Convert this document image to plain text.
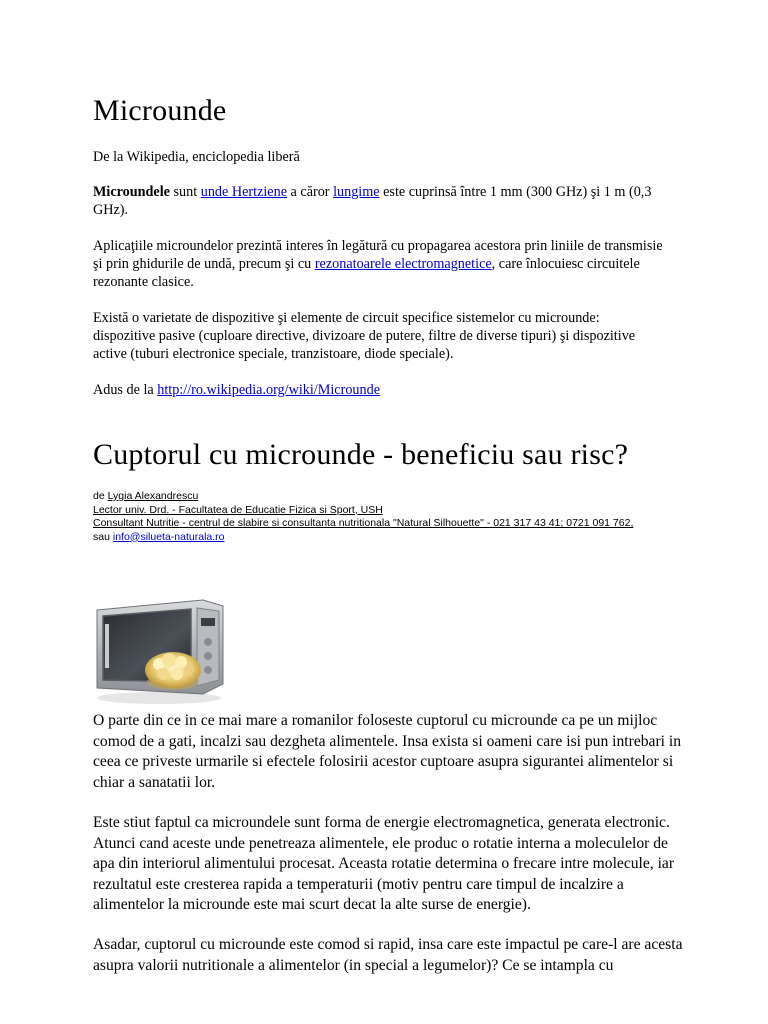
Microunde

De la Wikipedia, enciclopedia liberă

Microundele sunt unde Hertziene a căror lungime este cuprinsă între 1 mm (300 GHz) şi 1 m (0,3 GHz).

Aplicaţiile microundelor prezintă interes în legătură cu propagarea acestora prin liniile de transmisie şi prin ghidurile de undă, precum şi cu rezonatoarele electromagnetice, care înlocuiesc circuitele rezonante clasice.

Există o varietate de dispozitive şi elemente de circuit specifice sistemelor cu microunde: dispozitive pasive (cuploare directive, divizoare de putere, filtre de diverse tipuri) şi dispozitive active (tuburi electronice speciale, tranzistoare, diode speciale).

Adus de la http://ro.wikipedia.org/wiki/Microunde

Cuptorul cu microunde - beneficiu sau risc?
de Lygia Alexandrescu
Lector univ. Drd. - Facultatea de Educatie Fizica si Sport, USH
Consultant Nutritie - centrul de slabire si consultanta nutritionala "Natural Silhouette" - 021 317 43 41; 0721 091 762,
sau info@silueta-naturala.ro

O parte din ce in ce mai mare a romanilor foloseste cuptorul cu microunde ca pe un mijloc comod de a gati, incalzi sau dezgheta alimentele. Insa exista si oameni care isi pun intrebari in ceea ce priveste urmarile si efectele folosirii acestor cuptoare asupra sigurantei alimentelor si chiar a sanatatii lor.

Este stiut faptul ca microundele sunt forma de energie electromagnetica, generata electronic. Atunci cand aceste unde penetreaza alimentele, ele produc o rotatie interna a moleculelor de apa din interiorul alimentului procesat. Aceasta rotatie determina o frecare intre molecule, iar rezultatul este cresterea rapida a temperaturii (motiv pentru care timpul de incalzire a alimentelor la microunde este mai scurt decat la alte surse de energie).

Asadar, cuptorul cu microunde este comod si rapid, insa care este impactul pe care-l are acesta asupra valorii nutritionale a alimentelor (in special a legumelor)? Ce se intampla cu
